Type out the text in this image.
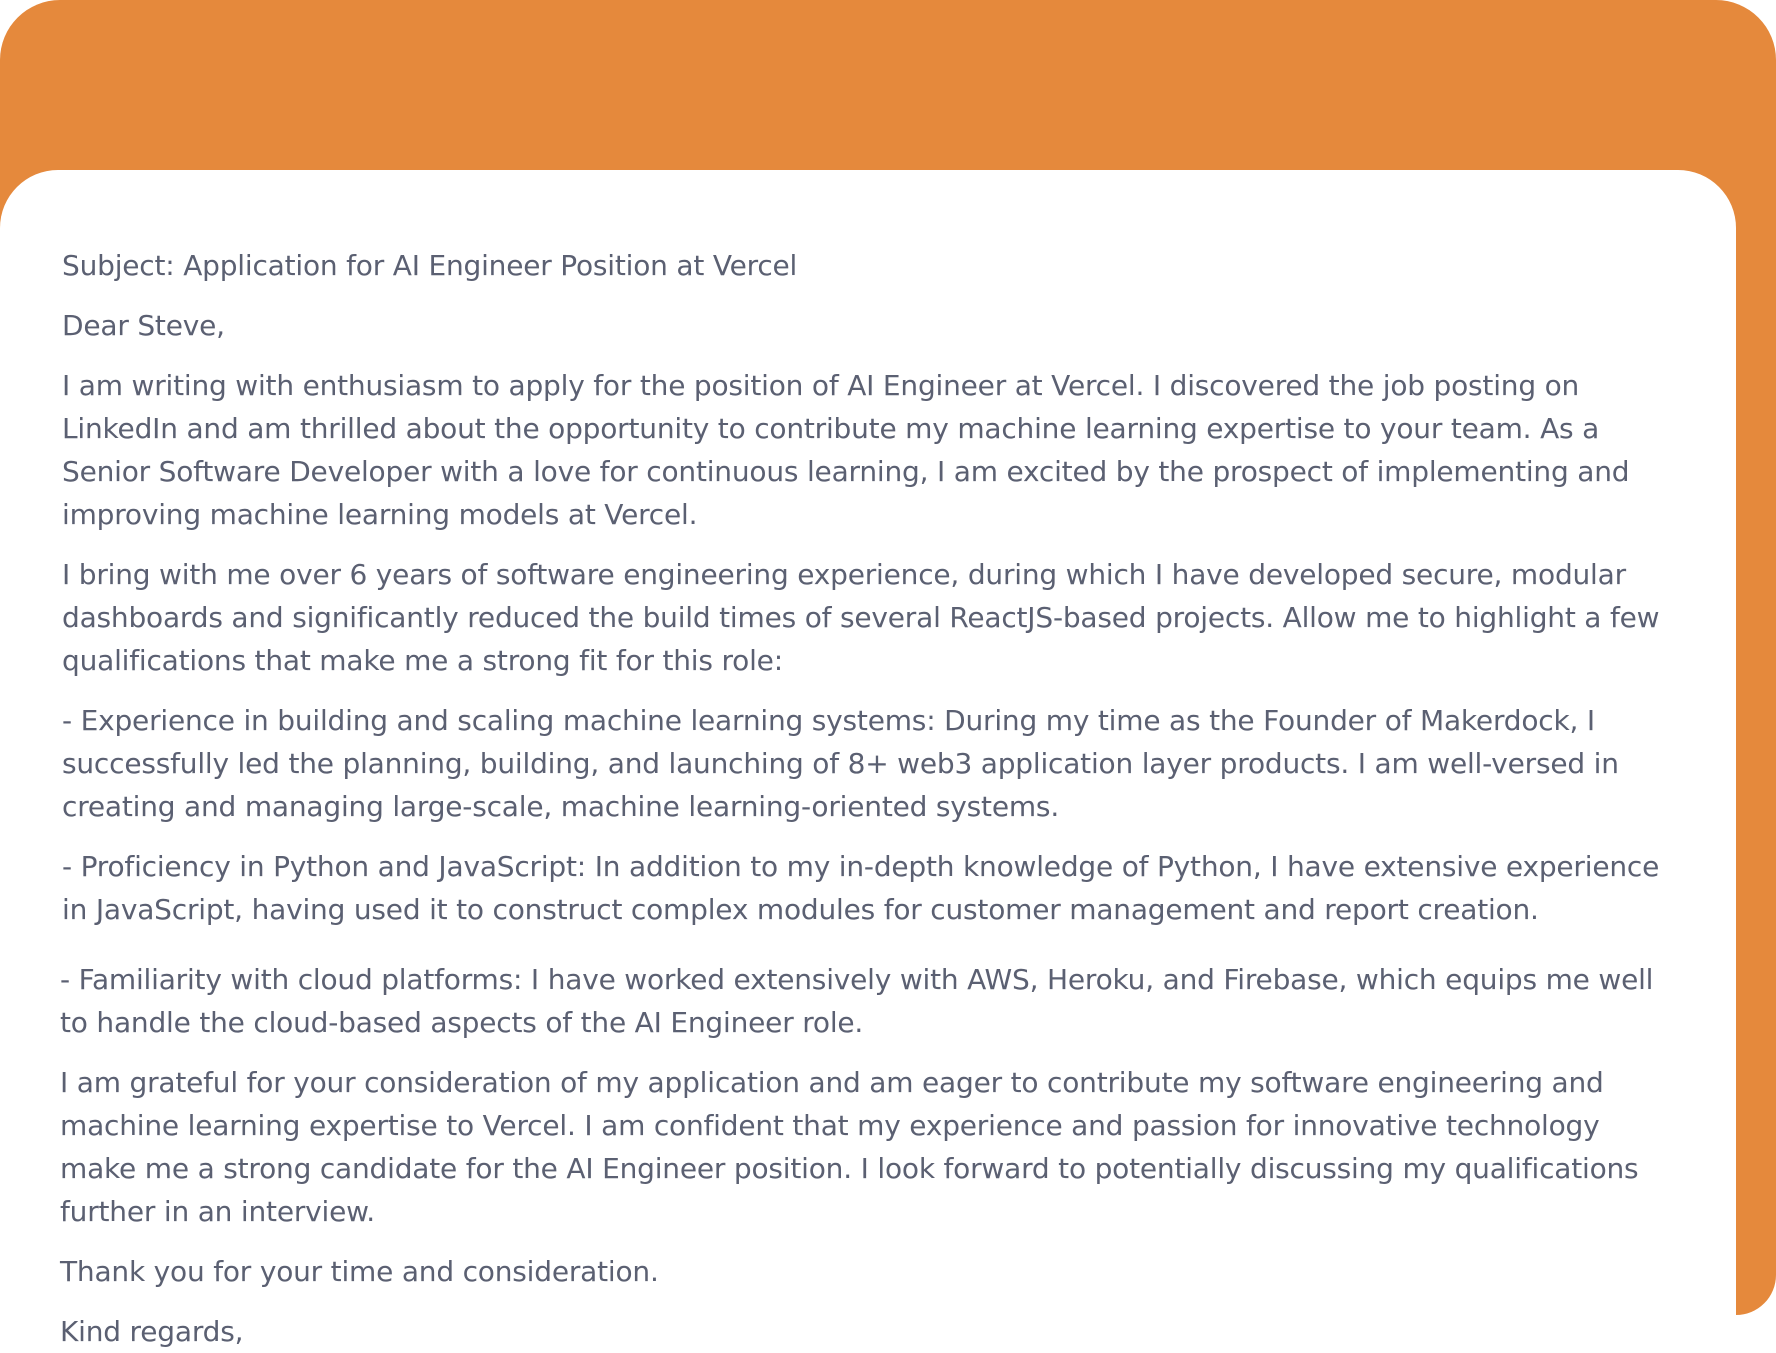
Subject: Application for AI Engineer Position at Vercel

Dear Steve,

I am writing with enthusiasm to apply for the position of AI Engineer at Vercel. I discovered the job posting on LinkedIn and am thrilled about the opportunity to contribute my machine learning expertise to your team. As a Senior Software Developer with a love for continuous learning, I am excited by the prospect of implementing and improving machine learning models at Vercel.

I bring with me over 6 years of software engineering experience, during which I have developed secure, modular dashboards and significantly reduced the build times of several ReactJS-based projects. Allow me to highlight a few qualifications that make me a strong fit for this role:

- Experience in building and scaling machine learning systems: During my time as the Founder of Makerdock, I successfully led the planning, building, and launching of 8+ web3 application layer products. I am well-versed in creating and managing large-scale, machine learning-oriented systems.

- Proficiency in Python and JavaScript: In addition to my in-depth knowledge of Python, I have extensive experience in JavaScript, having used it to construct complex modules for customer management and report creation.

- Familiarity with cloud platforms: I have worked extensively with AWS, Heroku, and Firebase, which equips me well to handle the cloud-based aspects of the AI Engineer role.

I am grateful for your consideration of my application and am eager to contribute my software engineering and machine learning expertise to Vercel. I am confident that my experience and passion for innovative technology make me a strong candidate for the AI Engineer position. I look forward to potentially discussing my qualifications further in an interview.

Thank you for your time and consideration.

Kind regards,
